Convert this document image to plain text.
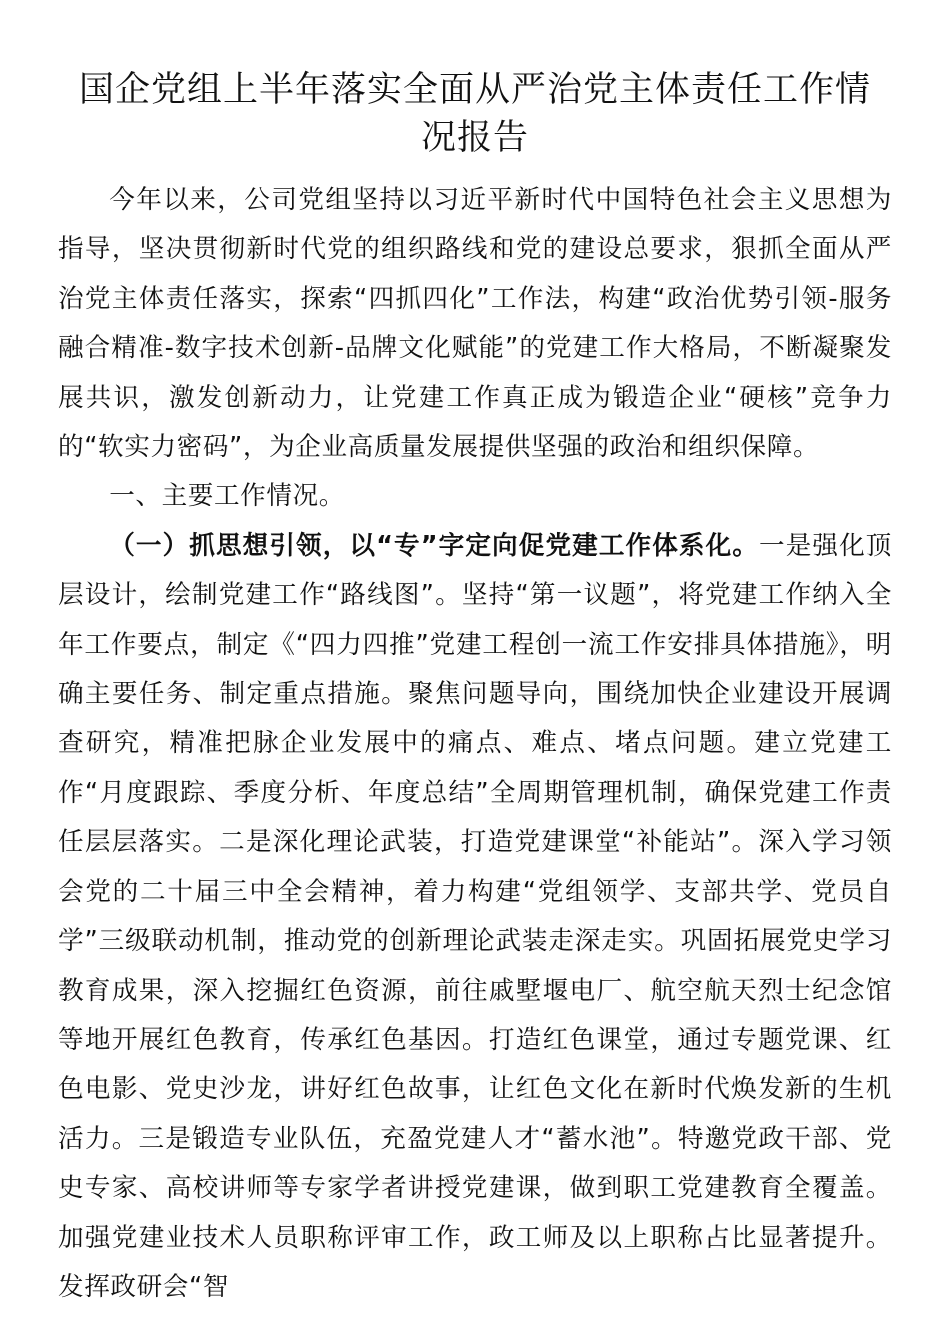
国企党组上半年落实全面从严治党主体责任工作情况报告

今年以来，公司党组坚持以习近平新时代中国特色社会主义思想为指导，坚决贯彻新时代党的组织路线和党的建设总要求，狠抓全面从严治党主体责任落实，探索“四抓四化”工作法，构建“政治优势引领-服务融合精准-数字技术创新-品牌文化赋能”的党建工作大格局，不断凝聚发展共识，激发创新动力，让党建工作真正成为锻造企业“硬核”竞争力的“软实力密码”，为企业高质量发展提供坚强的政治和组织保障。

一、主要工作情况。

（一）抓思想引领，以“专”字定向促党建工作体系化。一是强化顶层设计，绘制党建工作“路线图”。坚持“第一议题”，将党建工作纳入全年工作要点，制定《“四力四推”党建工程创一流工作安排具体措施》，明确主要任务、制定重点措施。聚焦问题导向，围绕加快企业建设开展调查研究，精准把脉企业发展中的痛点、难点、堵点问题。建立党建工作“月度跟踪、季度分析、年度总结”全周期管理机制，确保党建工作责任层层落实。二是深化理论武装，打造党建课堂“补能站”。深入学习领会党的二十届三中全会精神，着力构建“党组领学、支部共学、党员自学”三级联动机制，推动党的创新理论武装走深走实。巩固拓展党史学习教育成果，深入挖掘红色资源，前往戚墅堰电厂、航空航天烈士纪念馆等地开展红色教育，传承红色基因。打造红色课堂，通过专题党课、红色电影、党史沙龙，讲好红色故事，让红色文化在新时代焕发新的生机活力。三是锻造专业队伍，充盈党建人才“蓄水池”。特邀党政干部、党史专家、高校讲师等专家学者讲授党建课，做到职工党建教育全覆盖。加强党建业技术人员职称评审工作，政工师及以上职称占比显著提升。发挥政研会“智
